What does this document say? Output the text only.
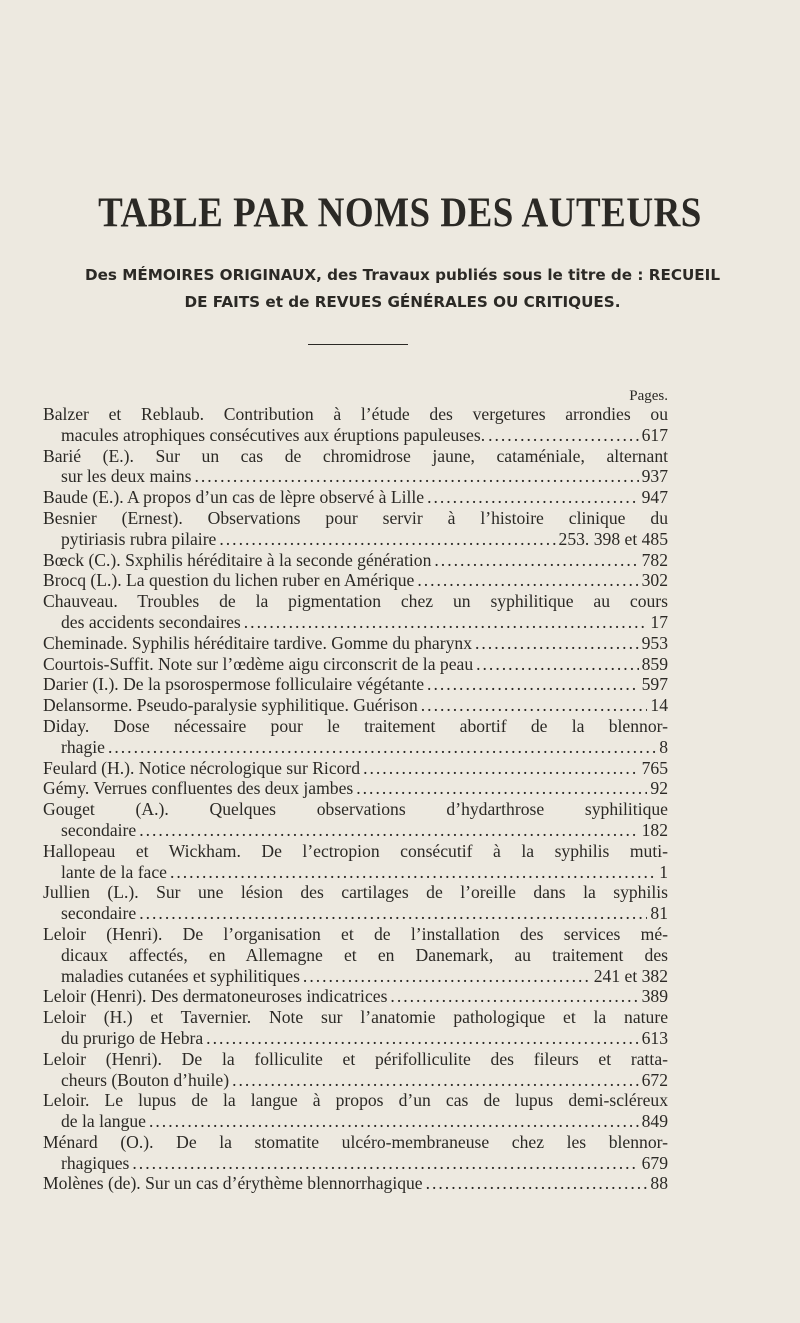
TABLE PAR NOMS DES AUTEURS
Des MÉMOIRES ORIGINAUX, des Travaux publiés sous le titre de : RECUEIL
DE FAITS et de REVUES GÉNÉRALES OU CRITIQUES.
Pages.
Balzer et Reblaub. Contribution à l’étude des vergetures arrondies ou
macules atrophiques consécutives aux éruptions papuleuses. .....	617
Barié (E.). Sur un cas de chromidrose jaune, cataméniale, alternant
sur les deux mains .....	937
Baude (E.). A propos d’un cas de lèpre observé à Lille .....	947
Besnier (Ernest). Observations pour servir à l’histoire clinique du
pytiriasis rubra pilaire .....	253. 398 et 485
Bœck (C.). Sxphilis héréditaire à la seconde génération .....	782
Brocq (L.). La question du lichen ruber en Amérique .....	302
Chauveau. Troubles de la pigmentation chez un syphilitique au cours
des accidents secondaires .....	17
Cheminade. Syphilis héréditaire tardive. Gomme du pharynx .....	953
Courtois-Suffit. Note sur l’œdème aigu circonscrit de la peau .....	859
Darier (I.). De la psorospermose folliculaire végétante .....	597
Delansorme. Pseudo-paralysie syphilitique. Guérison .....	14
Diday. Dose nécessaire pour le traitement abortif de la blennor-
rhagie .....	8
Feulard (H.). Notice nécrologique sur Ricord .....	765
Gémy. Verrues confluentes des deux jambes .....	92
Gouget (A.). Quelques observations d’hydarthrose syphilitique
secondaire .....	182
Hallopeau et Wickham. De l’ectropion consécutif à la syphilis muti-
lante de la face .....	1
Jullien (L.). Sur une lésion des cartilages de l’oreille dans la syphilis
secondaire .....	81
Leloir (Henri). De l’organisation et de l’installation des services mé-
dicaux affectés, en Allemagne et en Danemark, au traitement des
maladies cutanées et syphilitiques .....	241 et 382
Leloir (Henri). Des dermatoneuroses indicatrices .....	389
Leloir (H.) et Tavernier. Note sur l’anatomie pathologique et la nature
du prurigo de Hebra .....	613
Leloir (Henri). De la folliculite et périfolliculite des fileurs et ratta-
cheurs (Bouton d’huile) .....	672
Leloir. Le lupus de la langue à propos d’un cas de lupus demi-scléreux
de la langue .....	849
Ménard (O.). De la stomatite ulcéro-membraneuse chez les blennor-
rhagiques .....	679
Molènes (de). Sur un cas d’érythème blennorrhagique .....	88
